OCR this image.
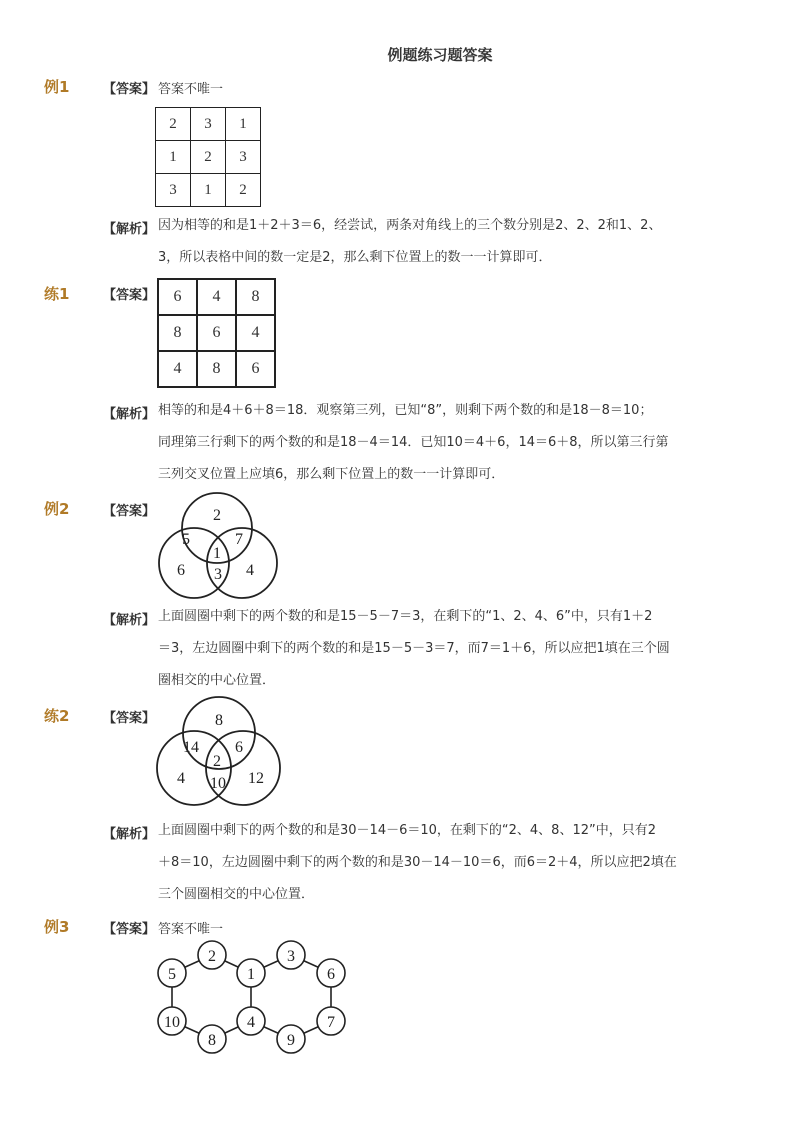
例题练习题答案
例1	【答案】 答案不唯一
2	3	1
1	2	3
3	1	2
【解析】 因为相等的和是1＋2＋3＝6，经尝试，两条对角线上的三个数分别是2、2、2和1、2、
3，所以表格中间的数一定是2，那么剩下位置上的数一一计算即可．
练1	【答案】 6	4	8
8	6	4
4	8	6
【解析】 相等的和是4＋6＋8＝18．观察第三列，已知“8”，则剩下两个数的和是18－8＝10；
同理第三行剩下的两个数的和是18－4＝14．已知10＝4＋6，14＝6＋8，所以第三行第
三列交叉位置上应填6，那么剩下位置上的数一一计算即可．
例2	【答案】	2
5	7
1
6 3 4
【解析】 上面圆圈中剩下的两个数的和是15－5－7＝3，在剩下的“1、2、4、6”中，只有1＋2
＝3，左边圆圈中剩下的两个数的和是15－5－3＝7，而7＝1＋6，所以应把1填在三个圆
圈相交的中心位置．
练2	【答案】	8
14 6
2
4 10 12
【解析】 上面圆圈中剩下的两个数的和是30－14－6＝10，在剩下的“2、4、8、12”中，只有2
＋8＝10，左边圆圈中剩下的两个数的和是30－14－10＝6，而6＝2＋4，所以应把2填在
三个圆圈相交的中心位置．
例3	【答案】 答案不唯一
5
2
1
3
6
10
8
4
9
7
